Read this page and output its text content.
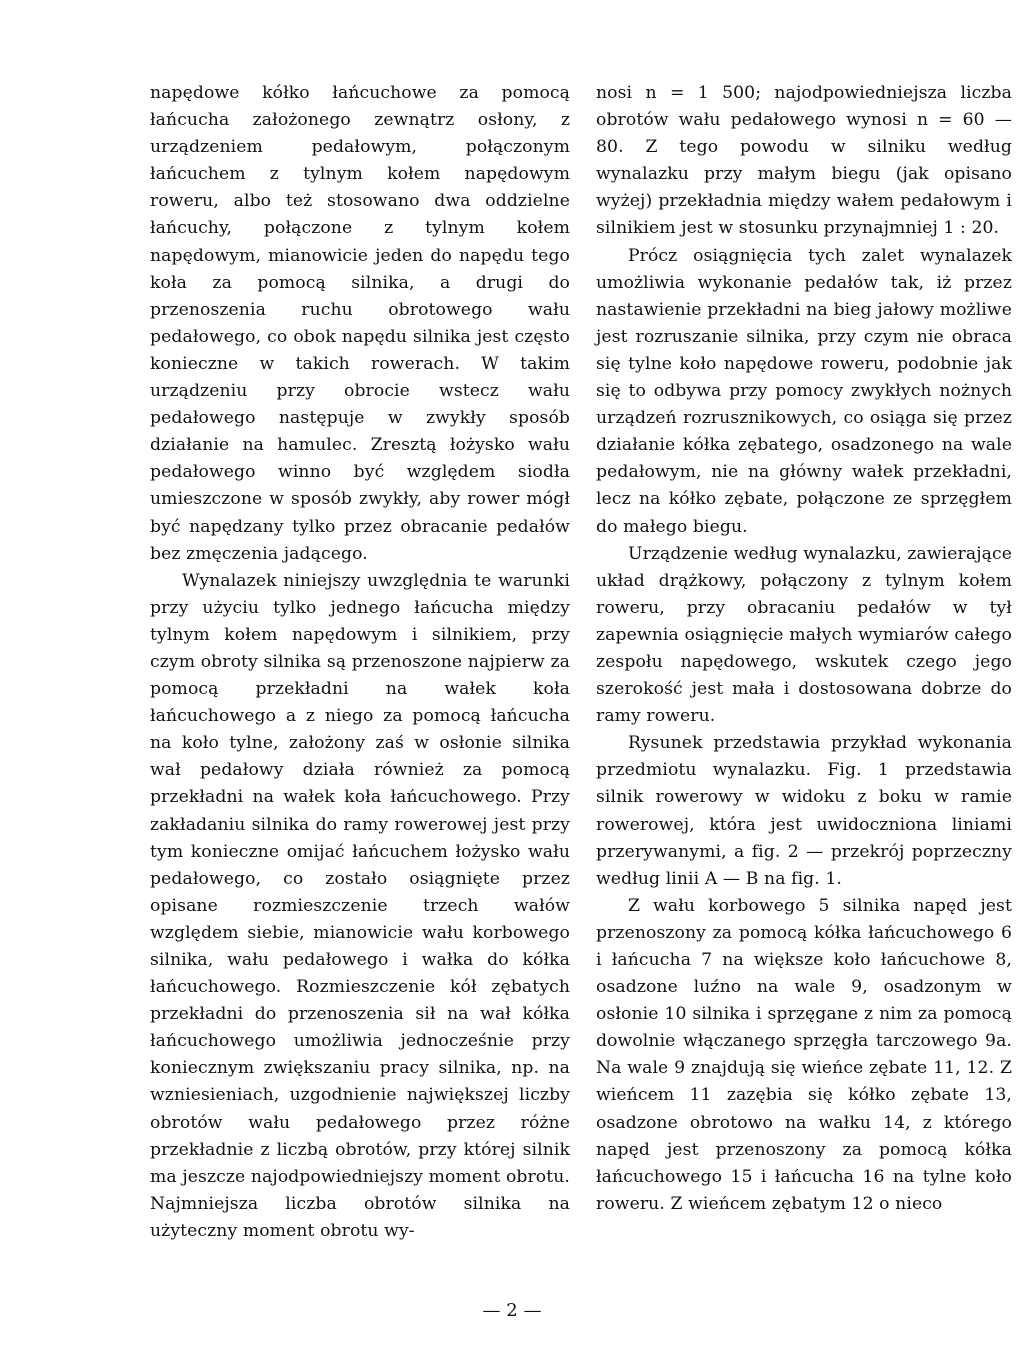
napędowe kółko łańcuchowe za pomocą łańcucha założonego zewnątrz osłony, z urządzeniem pedałowym, połączonym łańcuchem z tylnym kołem napędowym roweru, albo też stosowano dwa oddzielne łańcuchy, połączone z tylnym kołem napędowym, mianowicie jeden do napędu tego koła za pomocą silnika, a drugi do przenoszenia ruchu obrotowego wału pedałowego, co obok napędu silnika jest często konieczne w takich rowerach. W takim urządzeniu przy obrocie wstecz wału pedałowego następuje w zwykły sposób działanie na hamulec. Zresztą łożysko wału pedałowego winno być względem siodła umieszczone w sposób zwykły, aby rower mógł być napędzany tylko przez obracanie pedałów bez zmęczenia jadącego.

Wynalazek niniejszy uwzględnia te warunki przy użyciu tylko jednego łańcucha między tylnym kołem napędowym i silnikiem, przy czym obroty silnika są przenoszone najpierw za pomocą przekładni na wałek koła łańcuchowego a z niego za pomocą łańcucha na koło tylne, założony zaś w osłonie silnika wał pedałowy działa również za pomocą przekładni na wałek koła łańcuchowego. Przy zakładaniu silnika do ramy rowerowej jest przy tym konieczne omijać łańcuchem łożysko wału pedałowego, co zostało osiągnięte przez opisane rozmieszczenie trzech wałów względem siebie, mianowicie wału korbowego silnika, wału pedałowego i wałka do kółka łańcuchowego. Rozmieszczenie kół zębatych przekładni do przenoszenia sił na wał kółka łańcuchowego umożliwia jednocześnie przy koniecznym zwiększaniu pracy silnika, np. na wzniesieniach, uzgodnienie największej liczby obrotów wału pedałowego przez różne przekładnie z liczbą obrotów, przy której silnik ma jeszcze najodpowiedniejszy moment obrotu. Najmniejsza liczba obrotów silnika na użyteczny moment obrotu wy-

nosi n = 1 500; najodpowiedniejsza liczba obrotów wału pedałowego wynosi n = 60 — 80. Z tego powodu w silniku według wynalazku przy małym biegu (jak opisano wyżej) przekładnia między wałem pedałowym i silnikiem jest w stosunku przynajmniej 1 : 20.

Prócz osiągnięcia tych zalet wynalazek umożliwia wykonanie pedałów tak, iż przez nastawienie przekładni na bieg jałowy możliwe jest rozruszanie silnika, przy czym nie obraca się tylne koło napędowe roweru, podobnie jak się to odbywa przy pomocy zwykłych nożnych urządzeń rozrusznikowych, co osiąga się przez działanie kółka zębatego, osadzonego na wale pedałowym, nie na główny wałek przekładni, lecz na kółko zębate, połączone ze sprzęgłem do małego biegu.

Urządzenie według wynalazku, zawierające układ drążkowy, połączony z tylnym kołem roweru, przy obracaniu pedałów w tył zapewnia osiągnięcie małych wymiarów całego zespołu napędowego, wskutek czego jego szerokość jest mała i dostosowana dobrze do ramy roweru.

Rysunek przedstawia przykład wykonania przedmiotu wynalazku. Fig. 1 przedstawia silnik rowerowy w widoku z boku w ramie rowerowej, która jest uwidoczniona liniami przerywanymi, a fig. 2 — przekrój poprzeczny według linii A — B na fig. 1.

Z wału korbowego 5 silnika napęd jest przenoszony za pomocą kółka łańcuchowego 6 i łańcucha 7 na większe koło łańcuchowe 8, osadzone luźno na wale 9, osadzonym w osłonie 10 silnika i sprzęgane z nim za pomocą dowolnie włączanego sprzęgła tarczowego 9a. Na wale 9 znajdują się wieńce zębate 11, 12. Z wieńcem 11 zazębia się kółko zębate 13, osadzone obrotowo na wałku 14, z którego napęd jest przenoszony za pomocą kółka łańcuchowego 15 i łańcucha 16 na tylne koło roweru. Z wieńcem zębatym 12 o nieco

— 2 —
